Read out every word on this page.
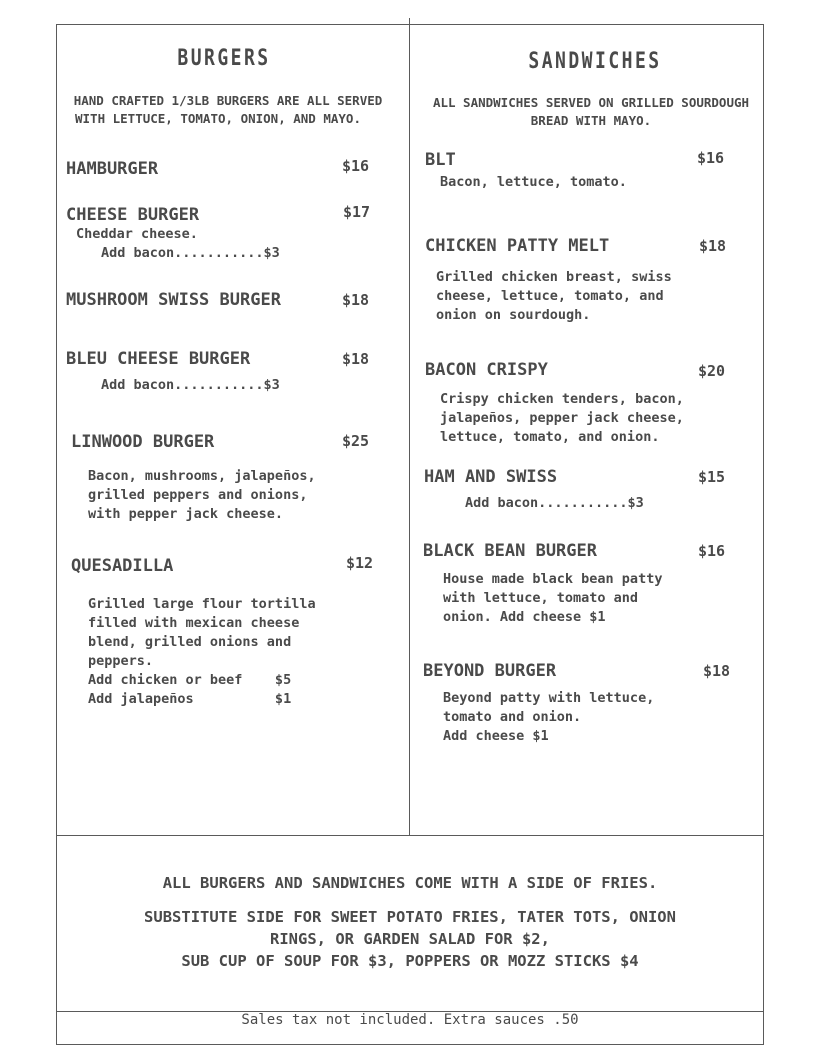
BURGERS
HAND CRAFTED 1/3LB BURGERS ARE ALL SERVED
WITH LETTUCE, TOMATO, ONION, AND MAYO.
HAMBURGER	$16
CHEESE BURGER	$17
Cheddar cheese.
Add bacon...........$3
MUSHROOM SWISS BURGER	$18
BLEU CHEESE BURGER	$18
Add bacon...........$3
LINWOOD BURGER	$25
Bacon, mushrooms, jalapeños,
grilled peppers and onions,
with pepper jack cheese.
QUESADILLA	$12
Grilled large flour tortilla
filled with mexican cheese
blend, grilled onions and
peppers.
Add chicken or beef    $5
Add jalapeños          $1
SANDWICHES
ALL SANDWICHES SERVED ON GRILLED SOURDOUGH
BREAD WITH MAYO.
BLT	$16
Bacon, lettuce, tomato.
CHICKEN PATTY MELT	$18
Grilled chicken breast, swiss
cheese, lettuce, tomato, and
onion on sourdough.
BACON CRISPY	$20
Crispy chicken tenders, bacon,
jalapeños, pepper jack cheese,
lettuce, tomato, and onion.
HAM AND SWISS	$15
Add bacon...........$3
BLACK BEAN BURGER	$16
House made black bean patty
with lettuce, tomato and
onion. Add cheese $1
BEYOND BURGER	$18
Beyond patty with lettuce,
tomato and onion.
Add cheese $1
ALL BURGERS AND SANDWICHES COME WITH A SIDE OF FRIES.
SUBSTITUTE SIDE FOR SWEET POTATO FRIES, TATER TOTS, ONION
RINGS, OR GARDEN SALAD FOR $2,
SUB CUP OF SOUP FOR $3, POPPERS OR MOZZ STICKS $4
Sales tax not included. Extra sauces .50
